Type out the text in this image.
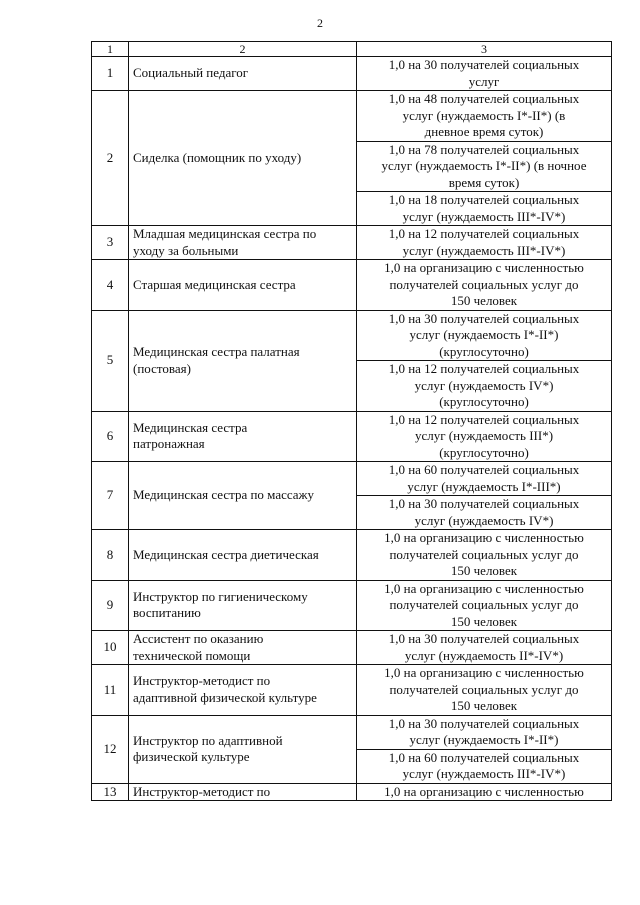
2
1	2	3
1	Социальный педагог	1,0 на 30 получателей социальных
услуг

2	Сиделка (помощник по уходу)	1,0 на 48 получателей социальных
услуг (нуждаемость I*-II*) (в
дневное время суток)

		1,0 на 78 получателей социальных
услуг (нуждаемость I*-II*) (в ночное
время суток)

		1,0 на 18 получателей социальных
услуг (нуждаемость III*-IV*)

3	Младшая медицинская сестра по
уходу за больными	1,0 на 12 получателей социальных
услуг (нуждаемость III*-IV*)

4	Старшая медицинская сестра	1,0 на организацию с численностью
получателей социальных услуг до
150 человек

5	Медицинская сестра палатная
(постовая)	1,0 на 30 получателей социальных
услуг (нуждаемость I*-II*)
(круглосуточно)

		1,0 на 12 получателей социальных
услуг (нуждаемость IV*)
(круглосуточно)

6	Медицинская сестра
патронажная	1,0 на 12 получателей социальных
услуг (нуждаемость III*)
(круглосуточно)

7	Медицинская сестра по массажу	1,0 на 60 получателей социальных
услуг (нуждаемость I*-III*)

		1,0 на 30 получателей социальных
услуг (нуждаемость IV*)

8	Медицинская сестра диетическая	1,0 на организацию с численностью
получателей социальных услуг до
150 человек

9	Инструктор по гигиеническому
воспитанию	1,0 на организацию с численностью
получателей социальных услуг до
150 человек

10	Ассистент по оказанию
технической помощи	1,0 на 30 получателей социальных
услуг (нуждаемость II*-IV*)

11	Инструктор-методист по
адаптивной физической культуре	1,0 на организацию с численностью
получателей социальных услуг до
150 человек

12	Инструктор по адаптивной
физической культуре	1,0 на 30 получателей социальных
услуг (нуждаемость I*-II*)

		1,0 на 60 получателей социальных
услуг (нуждаемость III*-IV*)

13	Инструктор-методист по	1,0 на организацию с численностью
